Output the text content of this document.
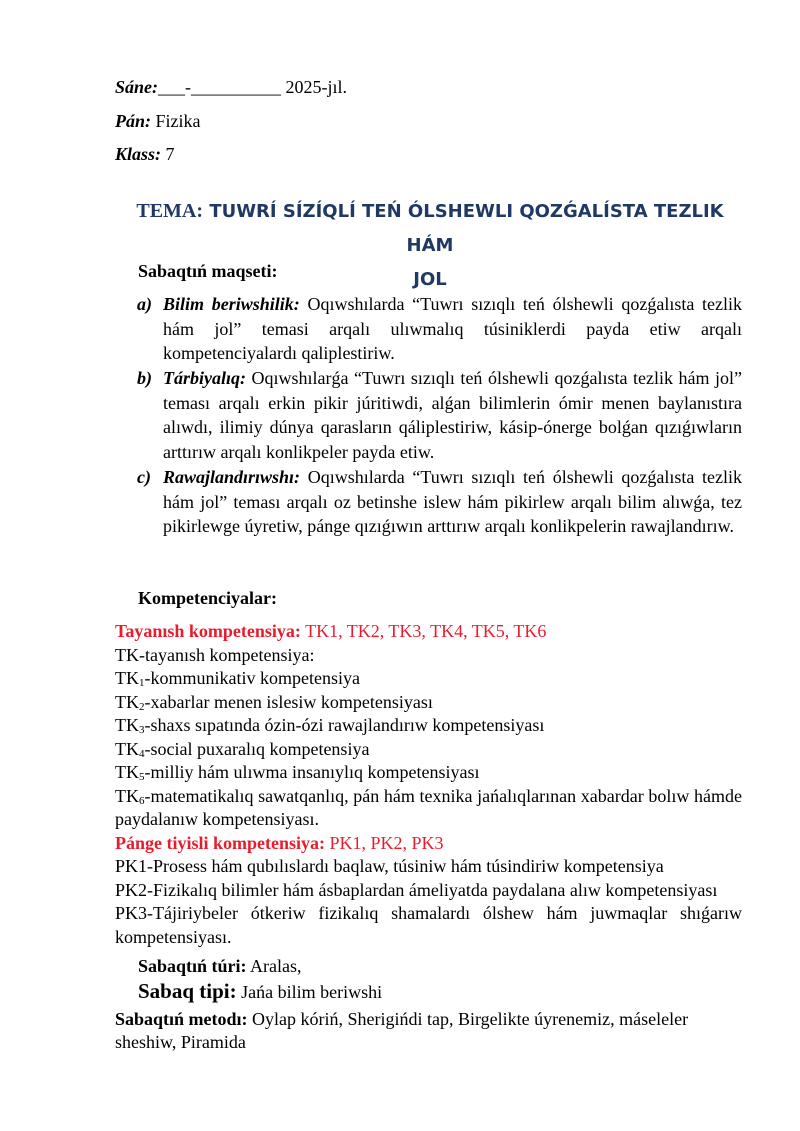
Sáne:___-__________ 2025-jıl.
Pán: Fizika
Klass: 7
TEMA: TUWRÍ SÍZÍQLÍ TEŃ ÓLSHEWLI QOZǴALÍSTA TEZLIK HÁM
JOL
Sabaqtıń maqseti:
a) Bilim beriwshilik: Oqıwshılarda “Tuwrı sızıqlı teń ólshewli qozǵalısta tezlik hám jol” temasi arqalı ulıwmalıq túsiniklerdi payda etiw arqalı kompetenciyalardı qaliplestiriw.
b) Tárbiyalıq: Oqıwshılarǵa “Tuwrı sızıqlı teń ólshewli qozǵalısta tezlik hám jol” teması arqalı erkin pikir júritiwdi, alǵan bilimlerin ómir menen baylanıstıra alıwdı, ilimiy dúnya qarasların qáliplestiriw, kásip-ónerge bolǵan qızıǵıwların arttırıw arqalı konlikpeler payda etiw.
c) Rawajlandırıwshı: Oqıwshılarda “Tuwrı sızıqlı teń ólshewli qozǵalısta tezlik hám jol” teması arqalı oz betinshe islew hám pikirlew arqalı bilim alıwǵa, tez pikirlewge úyretiw, pánge qızıǵıwın arttırıw arqalı konlikpelerin rawajlandırıw.
Kompetenciyalar:
Tayanısh kompetensiya: TK1, TK2, TK3, TK4, TK5, TK6
TK-tayanısh kompetensiya:
$TK_1$-kommunikativ kompetensiya
$TK_2$-xabarlar menen islesiw kompetensiyası
$TK_3$-shaxs sıpatında ózin-ózi rawajlandırıw kompetensiyası
$TK_4$-social puxaralıq kompetensiya
$TK_5$-milliy hám ulıwma insanıylıq kompetensiyası
$TK_6$-matematikalıq sawatqanlıq, pán hám texnika jańalıqlarınan xabardar bolıw hámde paydalanıw kompetensiyası.
Pánge tiyisli kompetensiya: PK1, PK2, PK3
PK1-Prosess hám qubılıslardı baqlaw, túsiniw hám túsindiriw kompetensiya
PK2-Fizikalıq bilimler hám ásbaplardan ámeliyatda paydalana alıw kompetensiyası
PK3-Tájiriybeler ótkeriw fizikalıq shamalardı ólshew hám juwmaqlar shıǵarıw kompetensiyası.
Sabaqtıń túri: Aralas,
Sabaq tipi: Jańa bilim beriwshi
Sabaqtıń metodı: Oylap kóriń, Sherigińdi tap, Birgelikte úyrenemiz, máseleler sheshiw, Piramida
